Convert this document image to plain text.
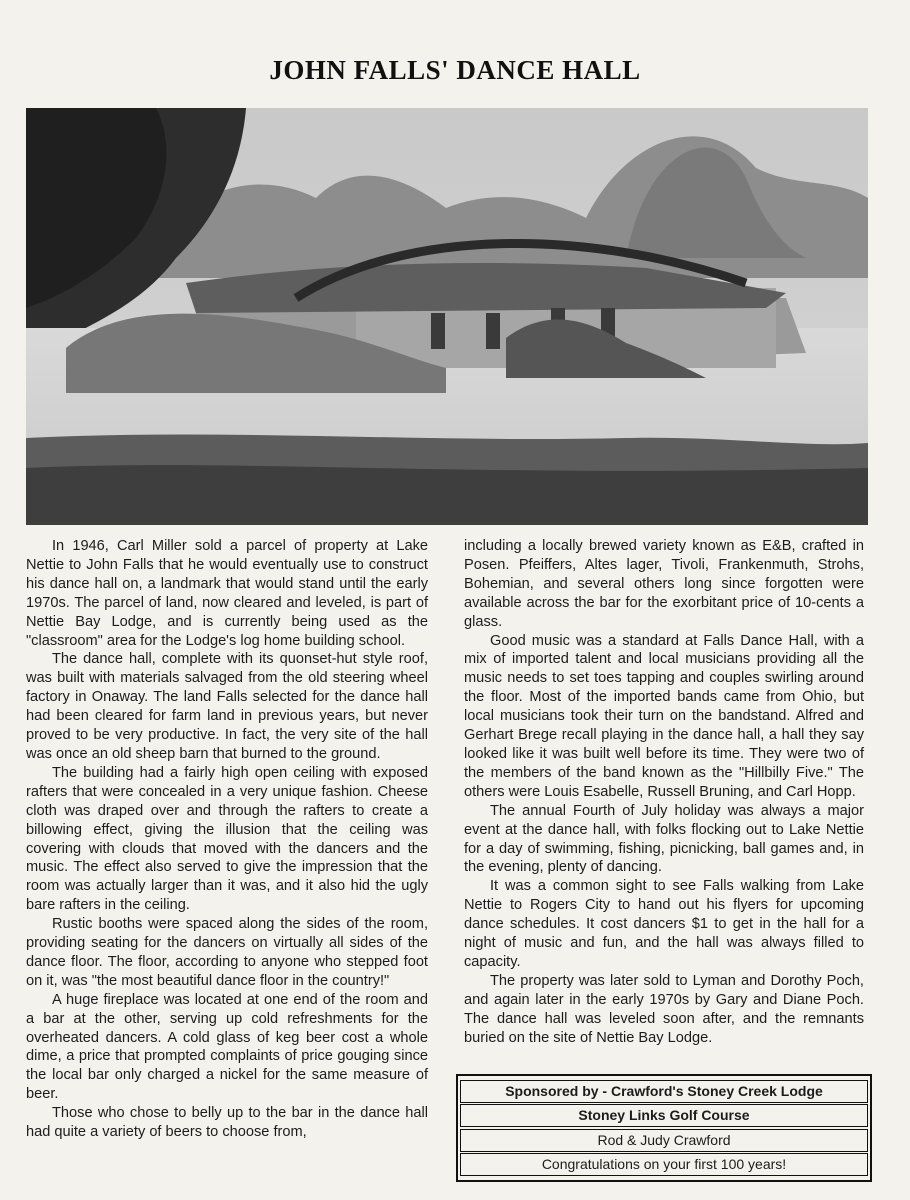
JOHN FALLS' DANCE HALL

In 1946, Carl Miller sold a parcel of property at Lake Nettie to John Falls that he would eventually use to construct his dance hall on, a landmark that would stand until the early 1970s. The parcel of land, now cleared and leveled, is part of Nettie Bay Lodge, and is currently being used as the "classroom" area for the Lodge's log home building school.

The dance hall, complete with its quonset-hut style roof, was built with materials salvaged from the old steering wheel factory in Onaway. The land Falls selected for the dance hall had been cleared for farm land in previous years, but never proved to be very productive. In fact, the very site of the hall was once an old sheep barn that burned to the ground.

The building had a fairly high open ceiling with exposed rafters that were concealed in a very unique fashion. Cheese cloth was draped over and through the rafters to create a billowing effect, giving the illusion that the ceiling was covering with clouds that moved with the dancers and the music. The effect also served to give the impression that the room was actually larger than it was, and it also hid the ugly bare rafters in the ceiling.

Rustic booths were spaced along the sides of the room, providing seating for the dancers on virtually all sides of the dance floor. The floor, according to anyone who stepped foot on it, was "the most beautiful dance floor in the country!"

A huge fireplace was located at one end of the room and a bar at the other, serving up cold refreshments for the overheated dancers. A cold glass of keg beer cost a whole dime, a price that prompted complaints of price gouging since the local bar only charged a nickel for the same measure of beer.

Those who chose to belly up to the bar in the dance hall had quite a variety of beers to choose from,

including a locally brewed variety known as E&B, crafted in Posen. Pfeiffers, Altes lager, Tivoli, Frankenmuth, Strohs, Bohemian, and several others long since forgotten were available across the bar for the exorbitant price of 10-cents a glass.

Good music was a standard at Falls Dance Hall, with a mix of imported talent and local musicians providing all the music needs to set toes tapping and couples swirling around the floor. Most of the imported bands came from Ohio, but local musicians took their turn on the bandstand. Alfred and Gerhart Brege recall playing in the dance hall, a hall they say looked like it was built well before its time. They were two of the members of the band known as the "Hillbilly Five." The others were Louis Esabelle, Russell Bruning, and Carl Hopp.

The annual Fourth of July holiday was always a major event at the dance hall, with folks flocking out to Lake Nettie for a day of swimming, fishing, picnicking, ball games and, in the evening, plenty of dancing.

It was a common sight to see Falls walking from Lake Nettie to Rogers City to hand out his flyers for upcoming dance schedules. It cost dancers $1 to get in the hall for a night of music and fun, and the hall was always filled to capacity.

The property was later sold to Lyman and Dorothy Poch, and again later in the early 1970s by Gary and Diane Poch. The dance hall was leveled soon after, and the remnants buried on the site of Nettie Bay Lodge.

Sponsored by - Crawford's Stoney Creek Lodge
Stoney Links Golf Course
Rod & Judy Crawford
Congratulations on your first 100 years!
